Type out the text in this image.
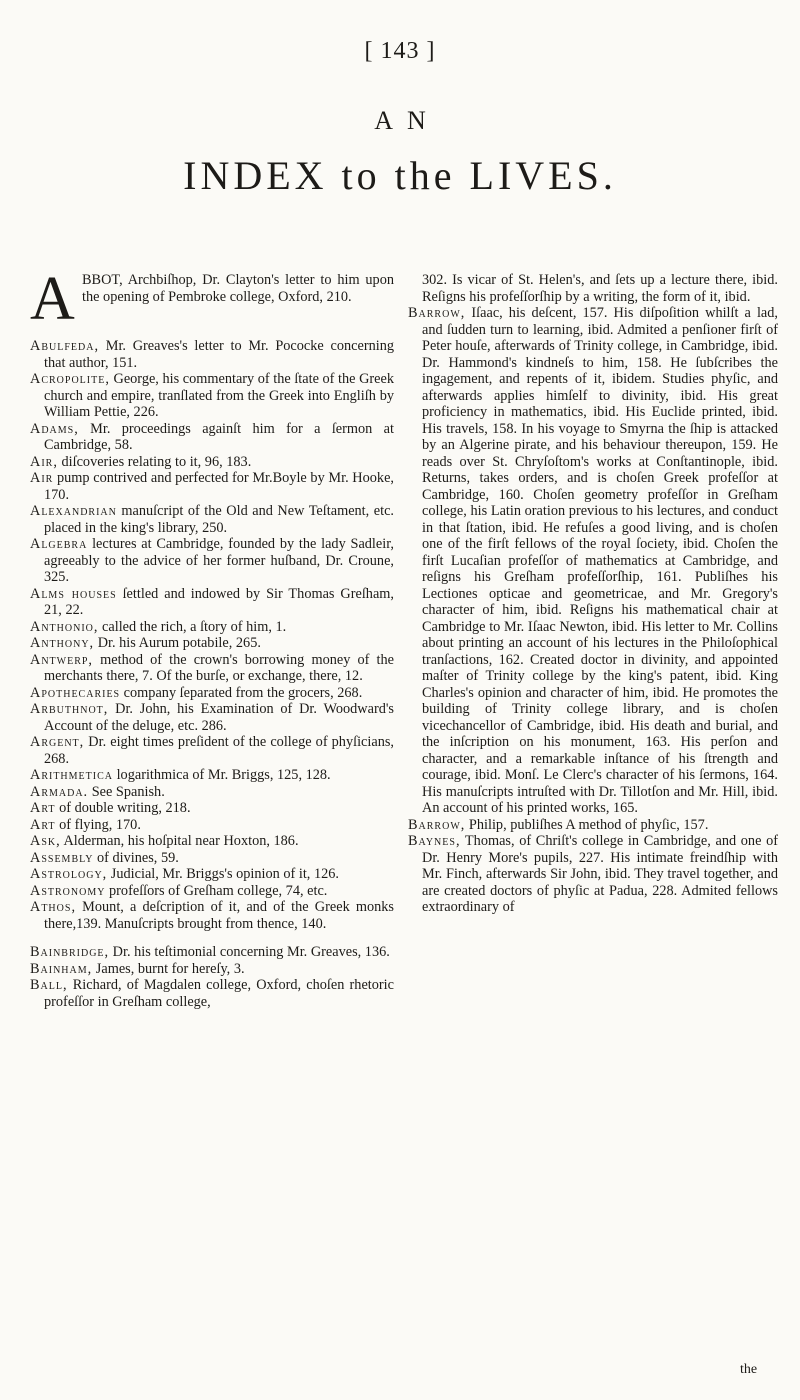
[ 143 ]
AN
INDEX to the LIVES.

A BBOT, Archbiſhop, Dr. Clayton's letter to him upon the opening of Pembroke college, Oxford, 210.

Abulfeda, Mr. Greaves's letter to Mr. Pococke concerning that author, 151.

Acropolite, George, his commentary of the ſtate of the Greek church and empire, tranſlated from the Greek into Engliſh by William Pettie, 226.

Adams, Mr. proceedings againſt him for a ſermon at Cambridge, 58.

Air, diſcoveries relating to it, 96, 183.

Air pump contrived and perfected for Mr.Boyle by Mr. Hooke, 170.

Alexandrian manuſcript of the Old and New Teſtament, etc. placed in the king's library, 250.

Algebra lectures at Cambridge, founded by the lady Sadleir, agreeably to the advice of her former huſband, Dr. Croune, 325.

Alms houses ſettled and indowed by Sir Thomas Greſham, 21, 22.

Anthonio, called the rich, a ſtory of him, 1.

Anthony, Dr. his Aurum potabile, 265.

Antwerp, method of the crown's borrowing money of the merchants there, 7. Of the burſe, or exchange, there, 12.

Apothecaries company ſeparated from the grocers, 268.

Arbuthnot, Dr. John, his Examination of Dr. Woodward's Account of the deluge, etc. 286.

Argent, Dr. eight times preſident of the college of phyſicians, 268.

Arithmetica logarithmica of Mr. Briggs, 125, 128.

Armada. See Spanish.

Art of double writing, 218.

Art of flying, 170.

Ask, Alderman, his hoſpital near Hoxton, 186.

Assembly of divines, 59.

Astrology, Judicial, Mr. Briggs's opinion of it, 126.

Astronomy profeſſors of Greſham college, 74, etc.

Athos, Mount, a deſcription of it, and of the Greek monks there,139. Manuſcripts brought from thence, 140.

Bainbridge, Dr. his teſtimonial concerning Mr. Greaves, 136.

Bainham, James, burnt for hereſy, 3.

Ball, Richard, of Magdalen college, Oxford, choſen rhetoric profeſſor in Greſham college,

302. Is vicar of St. Helen's, and ſets up a lecture there, ibid. Reſigns his profeſſorſhip by a writing, the form of it, ibid.

Barrow, Iſaac, his deſcent, 157. His diſpoſition whilſt a lad, and ſudden turn to learning, ibid. Admited a penſioner firſt of Peter houſe, afterwards of Trinity college, in Cambridge, ibid. Dr. Hammond's kindneſs to him, 158. He ſubſcribes the ingagement, and repents of it, ibidem. Studies phyſic, and afterwards applies himſelf to divinity, ibid. His great proficiency in mathematics, ibid. His Euclide printed, ibid. His travels, 158. In his voyage to Smyrna the ſhip is attacked by an Algerine pirate, and his behaviour thereupon, 159. He reads over St. Chryſoſtom's works at Conſtantinople, ibid. Returns, takes orders, and is choſen Greek profeſſor at Cambridge, 160. Choſen geometry profeſſor in Greſham college, his Latin oration previous to his lectures, and conduct in that ſtation, ibid. He refuſes a good living, and is choſen one of the firſt fellows of the royal ſociety, ibid. Choſen the firſt Lucaſian profeſſor of mathematics at Cambridge, and reſigns his Greſham profeſſorſhip, 161. Publiſhes his Lectiones opticae and geometricae, and Mr. Gregory's character of him, ibid. Reſigns his mathematical chair at Cambridge to Mr. Iſaac Newton, ibid. His letter to Mr. Collins about printing an account of his lectures in the Philoſophical tranſactions, 162. Created doctor in divinity, and appointed maſter of Trinity college by the king's patent, ibid. King Charles's opinion and character of him, ibid. He promotes the building of Trinity college library, and is choſen vicechancellor of Cambridge, ibid. His death and burial, and the inſcription on his monument, 163. His perſon and character, and a remarkable inſtance of his ſtrength and courage, ibid. Monſ. Le Clerc's character of his ſermons, 164. His manuſcripts intruſted with Dr. Tillotſon and Mr. Hill, ibid. An account of his printed works, 165.

Barrow, Philip, publiſhes A method of phyſic, 157.

Baynes, Thomas, of Chriſt's college in Cambridge, and one of Dr. Henry More's pupils, 227. His intimate freindſhip with Mr. Finch, afterwards Sir John, ibid. They travel together, and are created doctors of phyſic at Padua, 228. Admited fellows extraordinary of

the
